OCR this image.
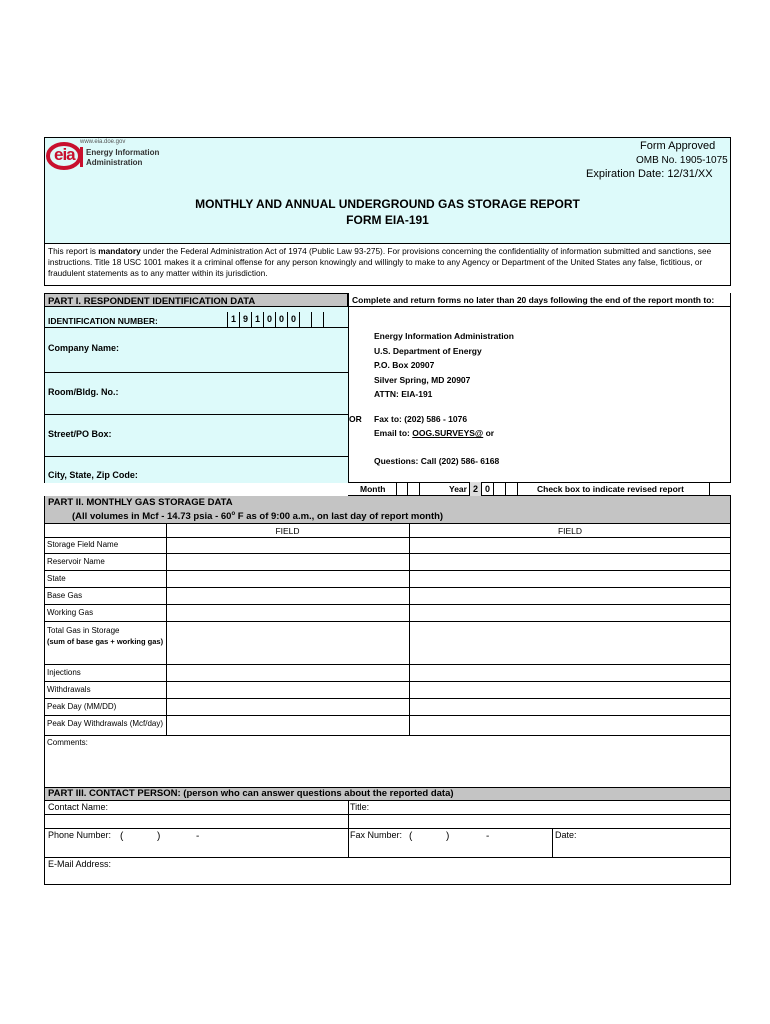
www.eia.doe.gov
eia Energy Information
Administration
Form Approved
OMB No. 1905-1075
Expiration Date: 12/31/XX
MONTHLY AND ANNUAL UNDERGROUND GAS STORAGE REPORT
FORM EIA-191
This report is mandatory under the Federal Administration Act of 1974 (Public Law 93-275). For provisions concerning the confidentiality of information submitted and sanctions, see instructions. Title 18 USC 1001 makes it a criminal offense for any person knowingly and willingly to make to any Agency or Department of the United States any false, fictitious, or fraudulent statements as to any matter within its jurisdiction.
PART I. RESPONDENT IDENTIFICATION DATA
IDENTIFICATION NUMBER:	1 9 1 0 0 0
Company Name:
Room/Bldg. No.:
Street/PO Box:
City, State, Zip Code:
Complete and return forms no later than 20 days following the end of the report month to:
Energy Information Administration
U.S. Department of Energy
P.O. Box 20907
Silver Spring, MD 20907
ATTN: EIA-191
OR Fax to: (202) 586 - 1076
Email to: OOG.SURVEYS@ or
Questions: Call (202) 586- 6168
Month	Year 2 0	Check box to indicate revised report
PART II. MONTHLY GAS STORAGE DATA
(All volumes in Mcf - 14.73 psia - 60$^o$ F as of 9:00 a.m., on last day of report month)
FIELD	FIELD
Storage Field Name
Reservoir Name
State
Base Gas
Working Gas
Total Gas in Storage
(sum of base gas + working gas)
Injections
Withdrawals
Peak Day (MM/DD)
Peak Day Withdrawals (Mcf/day)
Comments:
PART III. CONTACT PERSON: (person who can answer questions about the reported data)
Contact Name:	Title:
Phone Number: (	)	-	Fax Number: (	)	-	Date:
E-Mail Address:
